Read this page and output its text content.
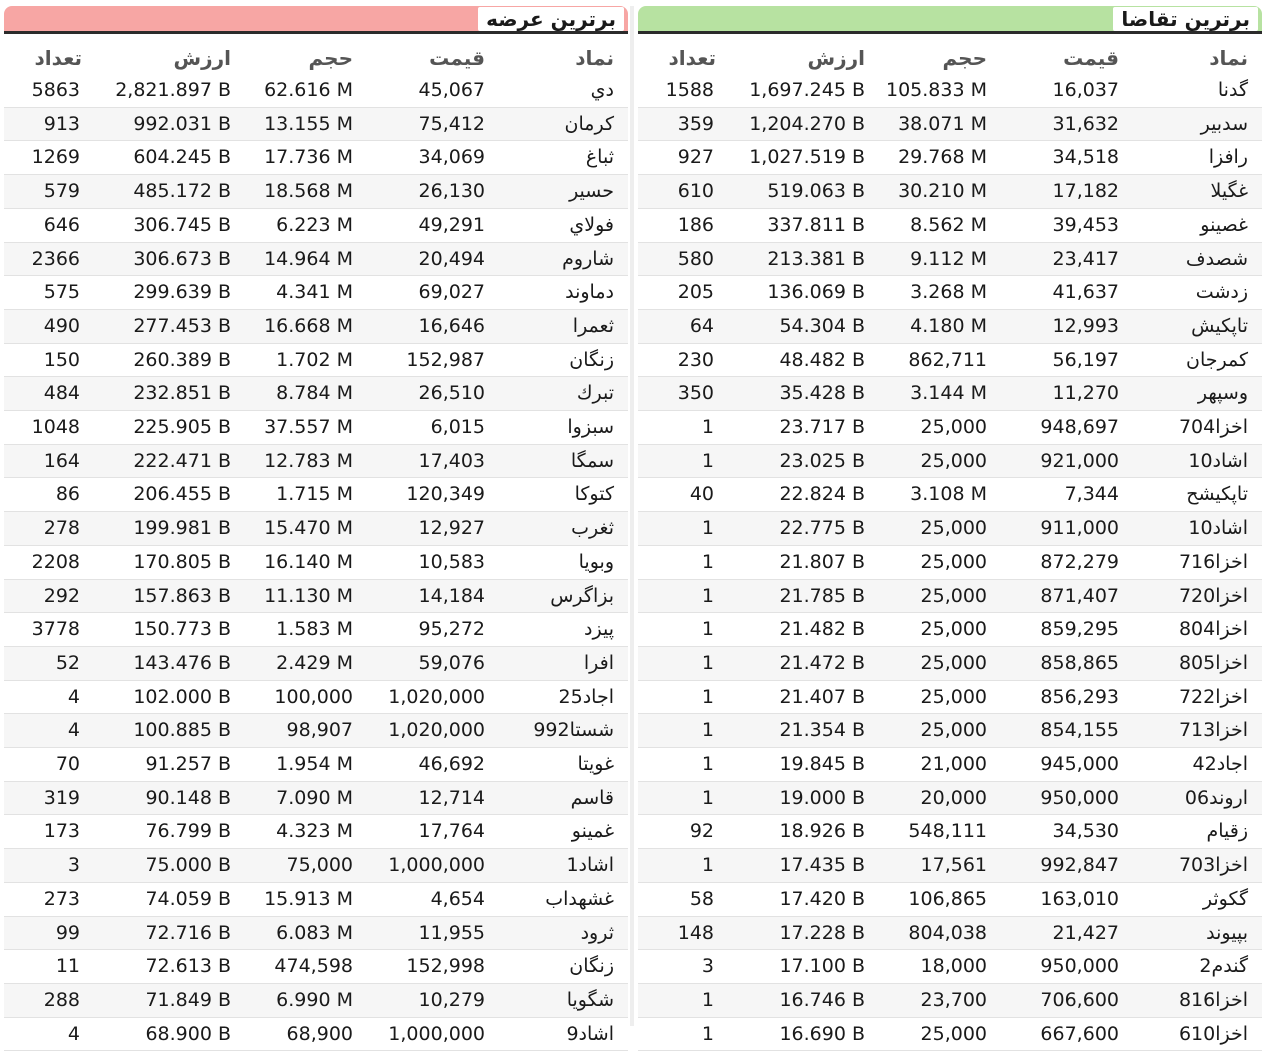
برترین عرضه
تعداد	ارزش	حجم	قیمت	نماد
5863	2,821.897 B	62.616 M	45,067	دي
913	992.031 B	13.155 M	75,412	كرمان
1269	604.245 B	17.736 M	34,069	ثباغ
579	485.172 B	18.568 M	26,130	حسير
646	306.745 B	6.223 M	49,291	فولاي
2366	306.673 B	14.964 M	20,494	شاروم
575	299.639 B	4.341 M	69,027	دماوند
490	277.453 B	16.668 M	16,646	ثعمرا
150	260.389 B	1.702 M	152,987	زنگان
484	232.851 B	8.784 M	26,510	تبرك
1048	225.905 B	37.557 M	6,015	سبزوا
164	222.471 B	12.783 M	17,403	سمگا
86	206.455 B	1.715 M	120,349	كتوكا
278	199.981 B	15.470 M	12,927	ثغرب
2208	170.805 B	16.140 M	10,583	وبويا
292	157.863 B	11.130 M	14,184	بزاگرس
3778	150.773 B	1.583 M	95,272	پيزد
52	143.476 B	2.429 M	59,076	افرا
4	102.000 B	100,000	1,020,000	اجاد25
4	100.885 B	98,907	1,020,000	شستا992
70	91.257 B	1.954 M	46,692	غويتا
319	90.148 B	7.090 M	12,714	قاسم
173	76.799 B	4.323 M	17,764	غمينو
3	75.000 B	75,000	1,000,000	اشاد1
273	74.059 B	15.913 M	4,654	غشهداب
99	72.716 B	6.083 M	11,955	ثرود
11	72.613 B	474,598	152,998	زنگان
288	71.849 B	6.990 M	10,279	شگويا
4	68.900 B	68,900	1,000,000	اشاد9
برترین تقاضا
تعداد	ارزش	حجم	قیمت	نماد
1588	1,697.245 B	105.833 M	16,037	گدنا
359	1,204.270 B	38.071 M	31,632	سدبير
927	1,027.519 B	29.768 M	34,518	رافزا
610	519.063 B	30.210 M	17,182	غگيلا
186	337.811 B	8.562 M	39,453	غصينو
580	213.381 B	9.112 M	23,417	شصدف
205	136.069 B	3.268 M	41,637	زدشت
64	54.304 B	4.180 M	12,993	تاپكيش
230	48.482 B	862,711	56,197	كمرجان
350	35.428 B	3.144 M	11,270	وسپهر
1	23.717 B	25,000	948,697	اخزا704
1	23.025 B	25,000	921,000	اشاد10
40	22.824 B	3.108 M	7,344	تاپكيشح
1	22.775 B	25,000	911,000	اشاد10
1	21.807 B	25,000	872,279	اخزا716
1	21.785 B	25,000	871,407	اخزا720
1	21.482 B	25,000	859,295	اخزا804
1	21.472 B	25,000	858,865	اخزا805
1	21.407 B	25,000	856,293	اخزا722
1	21.354 B	25,000	854,155	اخزا713
1	19.845 B	21,000	945,000	اجاد42
1	19.000 B	20,000	950,000	اروند06
92	18.926 B	548,111	34,530	زقيام
1	17.435 B	17,561	992,847	اخزا703
58	17.420 B	106,865	163,010	گكوثر
148	17.228 B	804,038	21,427	بپيوند
3	17.100 B	18,000	950,000	گندم2
1	16.746 B	23,700	706,600	اخزا816
1	16.690 B	25,000	667,600	اخزا610
